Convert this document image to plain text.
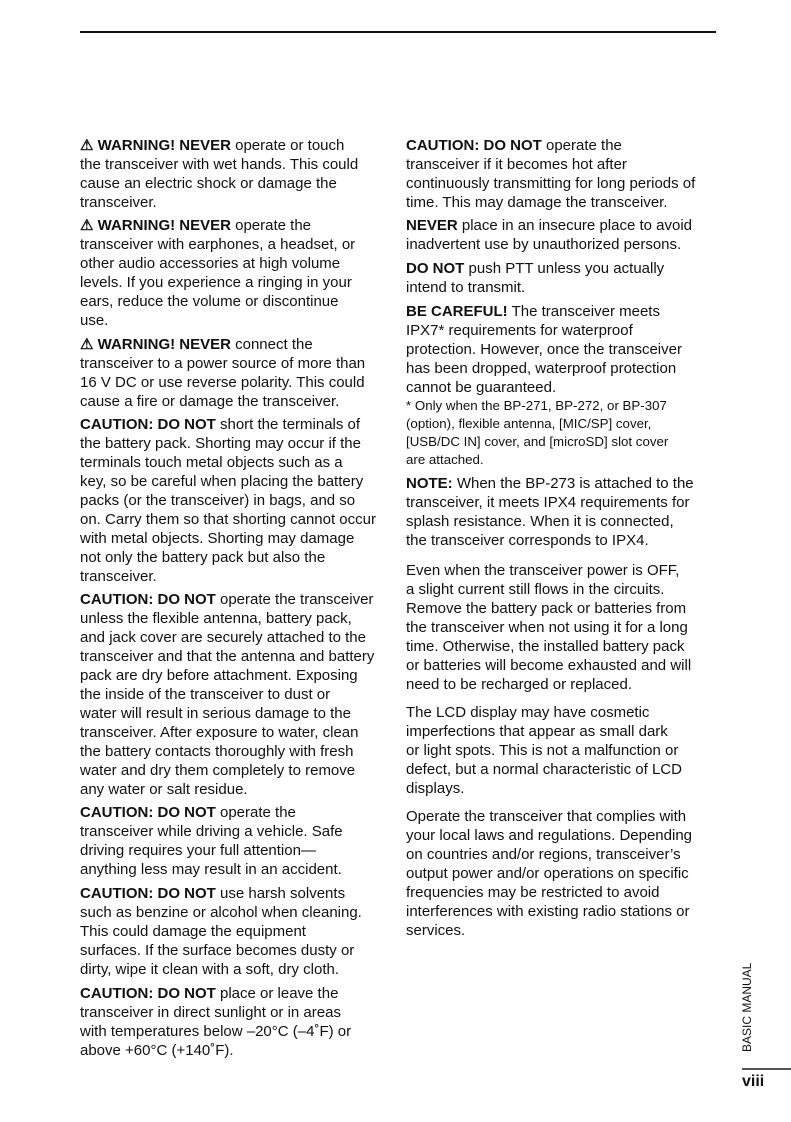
⚠ WARNING! NEVER operate or touch
the transceiver with wet hands. This could
cause an electric shock or damage the
transceiver.

⚠ WARNING! NEVER operate the
transceiver with earphones, a headset, or
other audio accessories at high volume
levels. If you experience a ringing in your
ears, reduce the volume or discontinue
use.

⚠ WARNING! NEVER connect the
transceiver to a power source of more than
16 V DC or use reverse polarity. This could
cause a fire or damage the transceiver.

CAUTION: DO NOT short the terminals of
the battery pack. Shorting may occur if the
terminals touch metal objects such as a
key, so be careful when placing the battery
packs (or the transceiver) in bags, and so
on. Carry them so that shorting cannot occur
with metal objects. Shorting may damage
not only the battery pack but also the
transceiver.

CAUTION: DO NOT operate the transceiver
unless the flexible antenna, battery pack,
and jack cover are securely attached to the
transceiver and that the antenna and battery
pack are dry before attachment. Exposing
the inside of the transceiver to dust or
water will result in serious damage to the
transceiver. After exposure to water, clean
the battery contacts thoroughly with fresh
water and dry them completely to remove
any water or salt residue.

CAUTION: DO NOT operate the
transceiver while driving a vehicle. Safe
driving requires your full attention—
anything less may result in an accident.

CAUTION: DO NOT use harsh solvents
such as benzine or alcohol when cleaning.
This could damage the equipment
surfaces. If the surface becomes dusty or
dirty, wipe it clean with a soft, dry cloth.

CAUTION: DO NOT place or leave the
transceiver in direct sunlight or in areas
with temperatures below –20°C (–4˚F) or
above +60°C (+140˚F).

CAUTION: DO NOT operate the
transceiver if it becomes hot after
continuously transmitting for long periods of
time. This may damage the transceiver.

NEVER place in an insecure place to avoid
inadvertent use by unauthorized persons.

DO NOT push PTT unless you actually
intend to transmit.

BE CAREFUL! The transceiver meets
IPX7* requirements for waterproof
protection. However, once the transceiver
has been dropped, waterproof protection
cannot be guaranteed.

* Only when the BP-271, BP-272, or BP-307
(option), flexible antenna, [MIC/SP] cover,
[USB/DC IN] cover, and [microSD] slot cover
are attached.

NOTE: When the BP-273 is attached to the
transceiver, it meets IPX4 requirements for
splash resistance. When it is connected,
the transceiver corresponds to IPX4.

Even when the transceiver power is OFF,
a slight current still flows in the circuits.
Remove the battery pack or batteries from
the transceiver when not using it for a long
time. Otherwise, the installed battery pack
or batteries will become exhausted and will
need to be recharged or replaced.

The LCD display may have cosmetic
imperfections that appear as small dark
or light spots. This is not a malfunction or
defect, but a normal characteristic of LCD
displays.

Operate the transceiver that complies with
your local laws and regulations. Depending
on countries and/or regions, transceiver’s
output power and/or operations on specific
frequencies may be restricted to avoid
interferences with existing radio stations or
services.

BASIC MANUAL
viii
